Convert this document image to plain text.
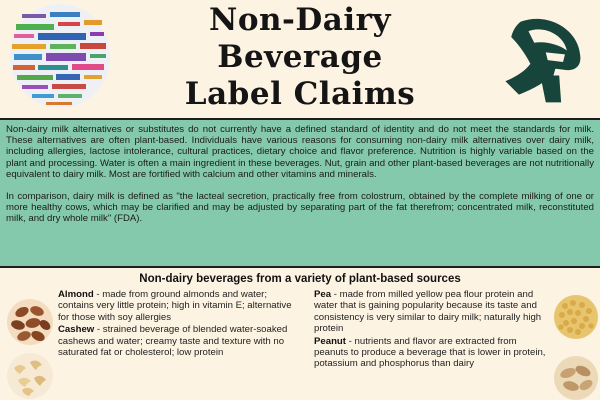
Non-Dairy
Beverage
Label Claims

Non-dairy milk alternatives or substitutes do not currently have a defined standard of identity and do not meet the standards for milk. These alternatives are often plant-based. Individuals have various reasons for consuming non-dairy milk alternatives over dairy milk, including allergies, lactose intolerance, cultural practices, dietary choice and flavor preference. Nutrition is highly variable based on the plant and processing. Water is often a main ingredient in these beverages. Nut, grain and other plant-based beverages are not nutritionally equivalent to dairy milk. Most are fortified with calcium and other vitamins and minerals.

In comparison, dairy milk is defined as "the lacteal secretion, practically free from colostrum, obtained by the complete milking of one or more healthy cows, which may be clarified and may be adjusted by separating part of the fat therefrom; concentrated milk, reconstituted milk, and dry whole milk" (FDA).

Non-dairy beverages from a variety of plant-based sources
Almond - made from ground almonds and water; contains very little protein; high in vitamin E; alternative for those with soy allergies
Cashew - strained beverage of blended water-soaked cashews and water; creamy taste and texture with no saturated fat or cholesterol; low protein
Pea - made from milled yellow pea flour protein and water that is gaining popularity because its taste and consistency is very similar to dairy milk; naturally high protein
Peanut - nutrients and flavor are extracted from peanuts to produce a beverage that is lower in protein, potassium and phosphorus than dairy
